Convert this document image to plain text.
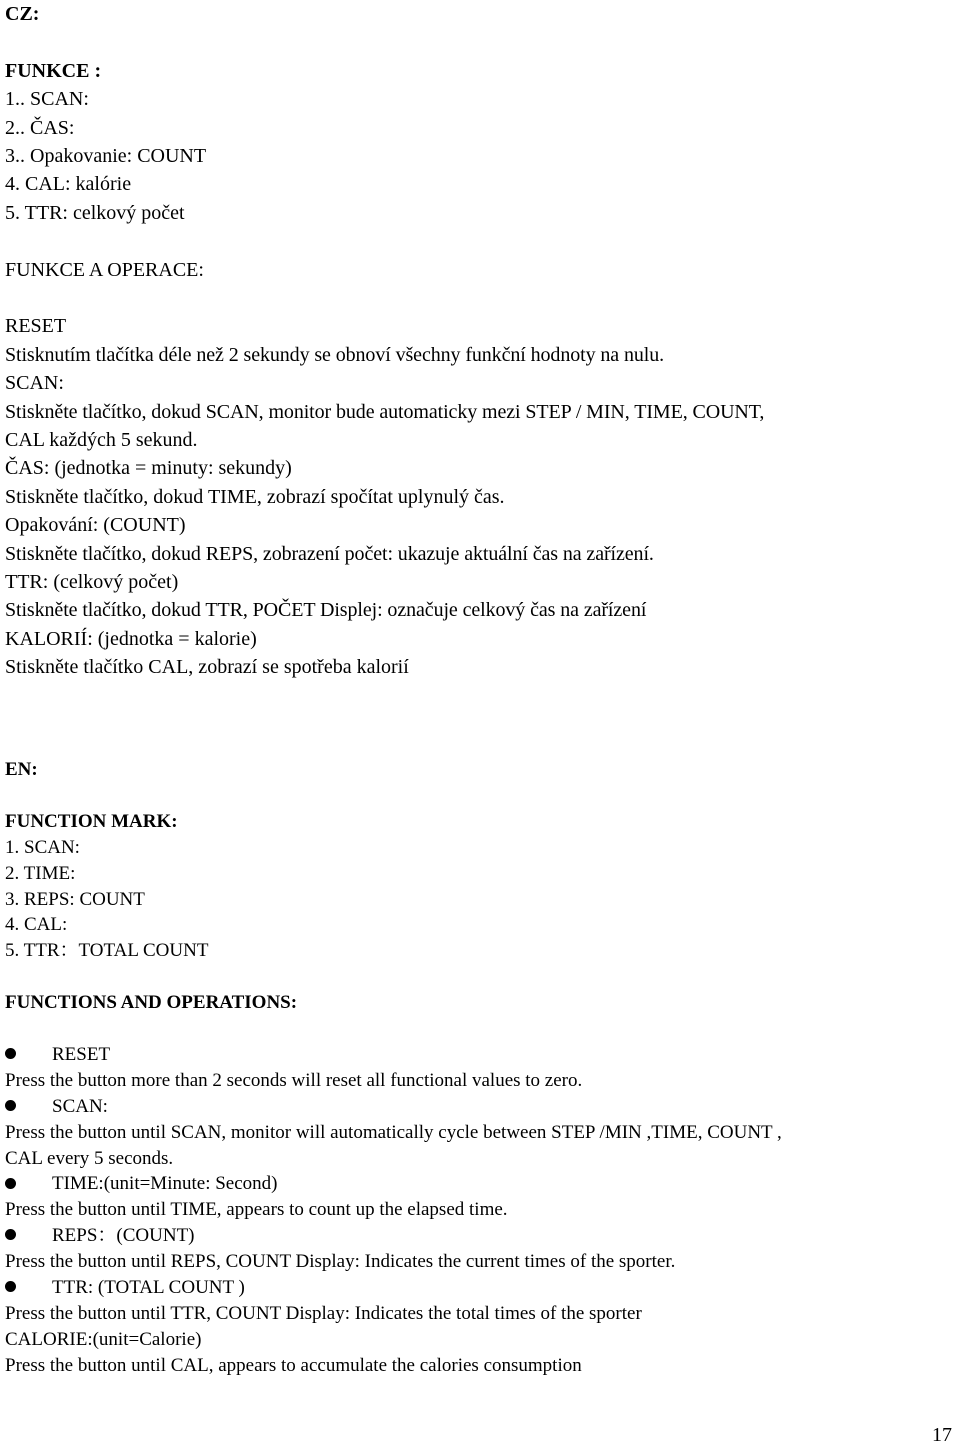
CZ:
FUNKCE :
1.. SCAN:
2.. ČAS:
3.. Opakovanie: COUNT
4. CAL: kalórie
5. TTR: celkový počet
FUNKCE A OPERACE:
RESET
Stisknutím tlačítka déle než 2 sekundy se obnoví všechny funkční hodnoty na nulu.
SCAN:
Stiskněte tlačítko, dokud SCAN, monitor bude automaticky mezi STEP / MIN, TIME, COUNT,
CAL každých 5 sekund.
ČAS: (jednotka = minuty: sekundy)
Stiskněte tlačítko, dokud TIME, zobrazí spočítat uplynulý čas.
Opakování: (COUNT)
Stiskněte tlačítko, dokud REPS, zobrazení počet: ukazuje aktuální čas na zařízení.
TTR: (celkový počet)
Stiskněte tlačítko, dokud TTR, POČET Displej: označuje celkový čas na zařízení
KALORIÍ: (jednotka = kalorie)
Stiskněte tlačítko CAL, zobrazí se spotřeba kalorií
EN:
FUNCTION MARK:
1. SCAN:
2. TIME:
3. REPS: COUNT
4. CAL:
5. TTR：TOTAL COUNT
FUNCTIONS AND OPERATIONS:
RESET
Press the button more than 2 seconds will reset all functional values to zero.
SCAN:
Press the button until SCAN, monitor will automatically cycle between STEP /MIN ,TIME, COUNT ,
CAL every 5 seconds.
TIME:(unit=Minute: Second)
Press the button until TIME, appears to count up the elapsed time.
REPS：(COUNT)
Press the button until REPS, COUNT Display: Indicates the current times of the sporter.
TTR: (TOTAL COUNT )
Press the button until TTR, COUNT Display: Indicates the total times of the sporter
CALORIE:(unit=Calorie)
Press the button until CAL, appears to accumulate the calories consumption
17
